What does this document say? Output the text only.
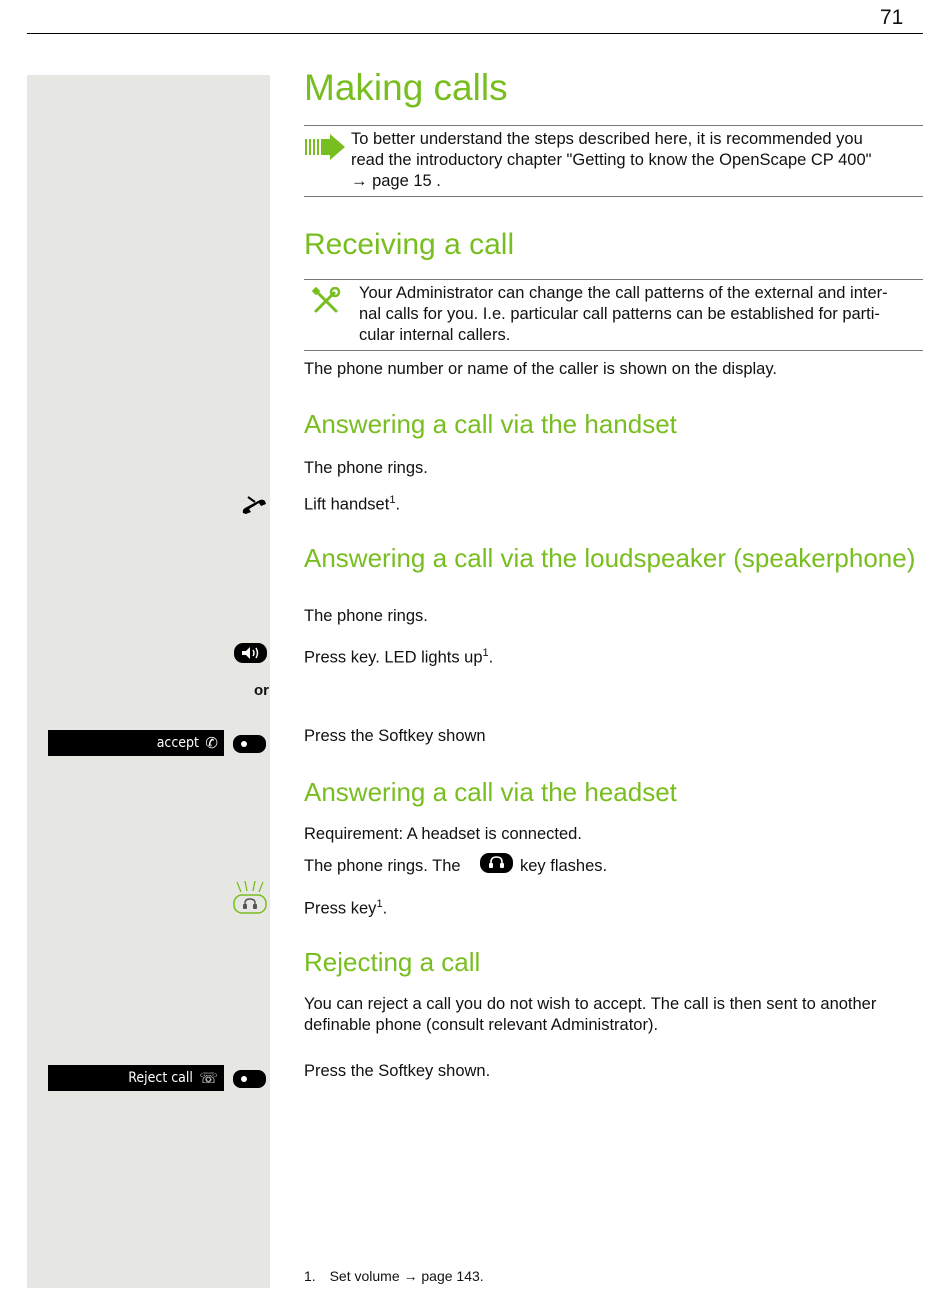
71
Making calls
To better understand the steps described here, it is recommended you
read the introductory chapter "Getting to know the OpenScape CP 400"
→ page 15 .
Receiving a call
Your Administrator can change the call patterns of the external and inter-
nal calls for you. I.e. particular call patterns can be established for parti-
cular internal callers.
The phone number or name of the caller is shown on the display.
Answering a call via the handset
The phone rings.
Lift handset$^1$.
Answering a call via the loudspeaker (speakerphone)
The phone rings.
Press key. LED lights $up^1$.
or
accept ✆	Press the Softkey shown
Answering a call via the headset
Requirement: A headset is connected.
The phone rings. The	key flashes.
Press key$^1$.
Rejecting a call
You can reject a call you do not wish to accept. The call is then sent to another
definable phone (consult relevant Administrator).
Reject call ☏	Press the Softkey shown.
1. Set volume → page 143.
